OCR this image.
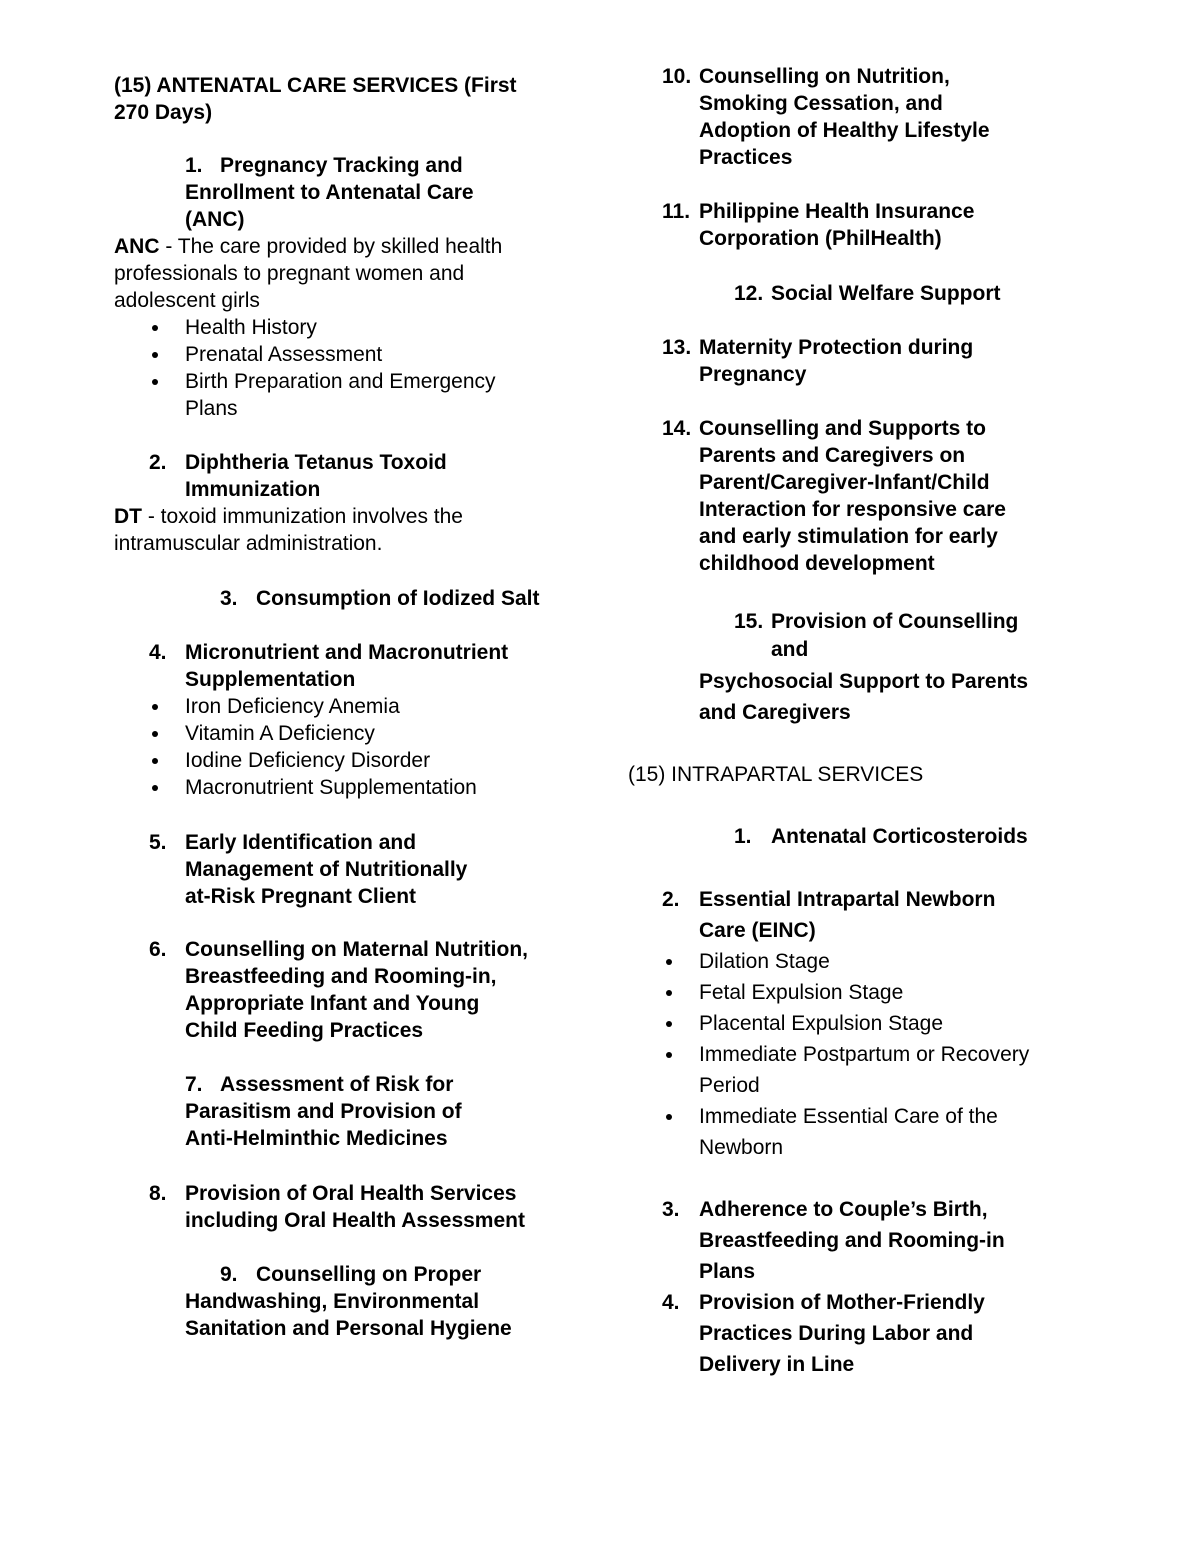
(15) ANTENATAL CARE SERVICES (First
270 Days)
1. Pregnancy Tracking and
Enrollment to Antenatal Care
(ANC)
ANC - The care provided by skilled health
professionals to pregnant women and
adolescent girls
Health History
Prenatal Assessment
Birth Preparation and Emergency
Plans
2. Diphtheria Tetanus Toxoid
Immunization
DT - toxoid immunization involves the
intramuscular administration.
3. Consumption of Iodized Salt
4. Micronutrient and Macronutrient
Supplementation
Iron Deficiency Anemia
Vitamin A Deficiency
Iodine Deficiency Disorder
Macronutrient Supplementation
5. Early Identification and
Management of Nutritionally
at-Risk Pregnant Client
6. Counselling on Maternal Nutrition,
Breastfeeding and Rooming-in,
Appropriate Infant and Young
Child Feeding Practices
7. Assessment of Risk for
Parasitism and Provision of
Anti-Helminthic Medicines
8. Provision of Oral Health Services
including Oral Health Assessment
9. Counselling on Proper
Handwashing, Environmental
Sanitation and Personal Hygiene
10. Counselling on Nutrition,
Smoking Cessation, and
Adoption of Healthy Lifestyle
Practices
11. Philippine Health Insurance
Corporation (PhilHealth)
12. Social Welfare Support
13. Maternity Protection during
Pregnancy
14. Counselling and Supports to
Parents and Caregivers on
Parent/Caregiver-Infant/Child
Interaction for responsive care
and early stimulation for early
childhood development
15. Provision of Counselling
and
Psychosocial Support to Parents
and Caregivers
(15) INTRAPARTAL SERVICES
1. Antenatal Corticosteroids
2. Essential Intrapartal Newborn
Care (EINC)
Dilation Stage
Fetal Expulsion Stage
Placental Expulsion Stage
Immediate Postpartum or Recovery
Period
Immediate Essential Care of the
Newborn
3. Adherence to Couple’s Birth,
Breastfeeding and Rooming-in
Plans
4. Provision of Mother-Friendly
Practices During Labor and
Delivery in Line
